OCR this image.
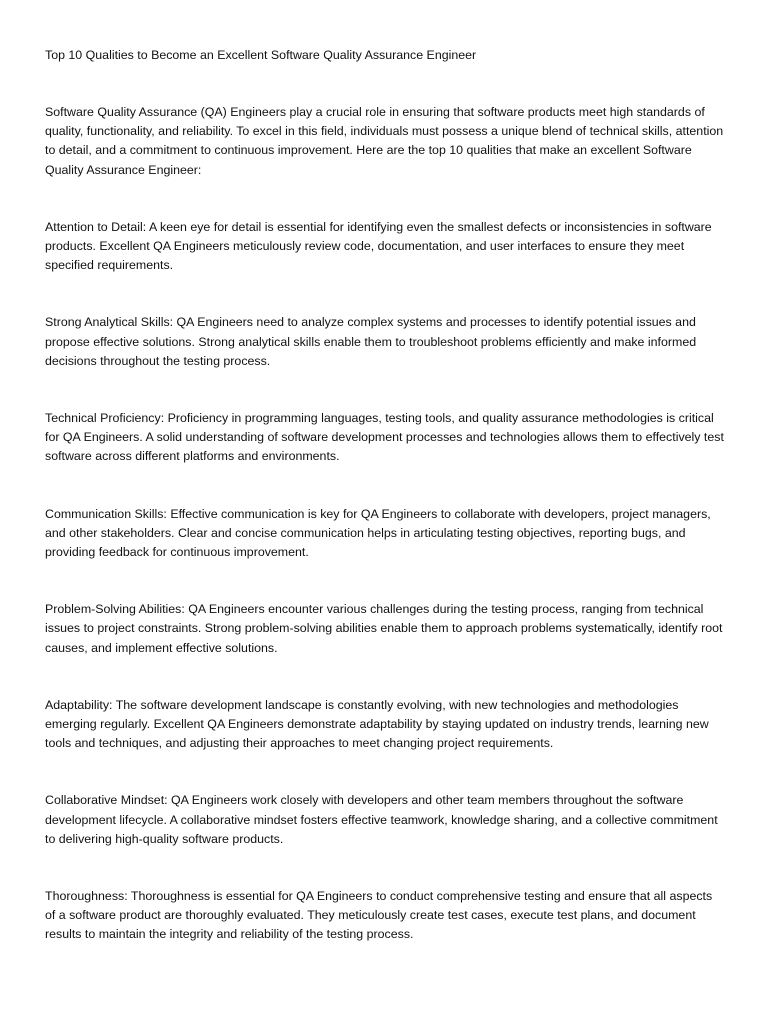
Top 10 Qualities to Become an Excellent Software Quality Assurance Engineer

Software Quality Assurance (QA) Engineers play a crucial role in ensuring that software products meet high standards of quality, functionality, and reliability. To excel in this field, individuals must possess a unique blend of technical skills, attention to detail, and a commitment to continuous improvement. Here are the top 10 qualities that make an excellent Software Quality Assurance Engineer:

Attention to Detail: A keen eye for detail is essential for identifying even the smallest defects or inconsistencies in software products. Excellent QA Engineers meticulously review code, documentation, and user interfaces to ensure they meet specified requirements.

Strong Analytical Skills: QA Engineers need to analyze complex systems and processes to identify potential issues and propose effective solutions. Strong analytical skills enable them to troubleshoot problems efficiently and make informed decisions throughout the testing process.

Technical Proficiency: Proficiency in programming languages, testing tools, and quality assurance methodologies is critical for QA Engineers. A solid understanding of software development processes and technologies allows them to effectively test software across different platforms and environments.

Communication Skills: Effective communication is key for QA Engineers to collaborate with developers, project managers, and other stakeholders. Clear and concise communication helps in articulating testing objectives, reporting bugs, and providing feedback for continuous improvement.

Problem-Solving Abilities: QA Engineers encounter various challenges during the testing process, ranging from technical issues to project constraints. Strong problem-solving abilities enable them to approach problems systematically, identify root causes, and implement effective solutions.

Adaptability: The software development landscape is constantly evolving, with new technologies and methodologies emerging regularly. Excellent QA Engineers demonstrate adaptability by staying updated on industry trends, learning new tools and techniques, and adjusting their approaches to meet changing project requirements.

Collaborative Mindset: QA Engineers work closely with developers and other team members throughout the software development lifecycle. A collaborative mindset fosters effective teamwork, knowledge sharing, and a collective commitment to delivering high-quality software products.

Thoroughness: Thoroughness is essential for QA Engineers to conduct comprehensive testing and ensure that all aspects of a software product are thoroughly evaluated. They meticulously create test cases, execute test plans, and document results to maintain the integrity and reliability of the testing process.
